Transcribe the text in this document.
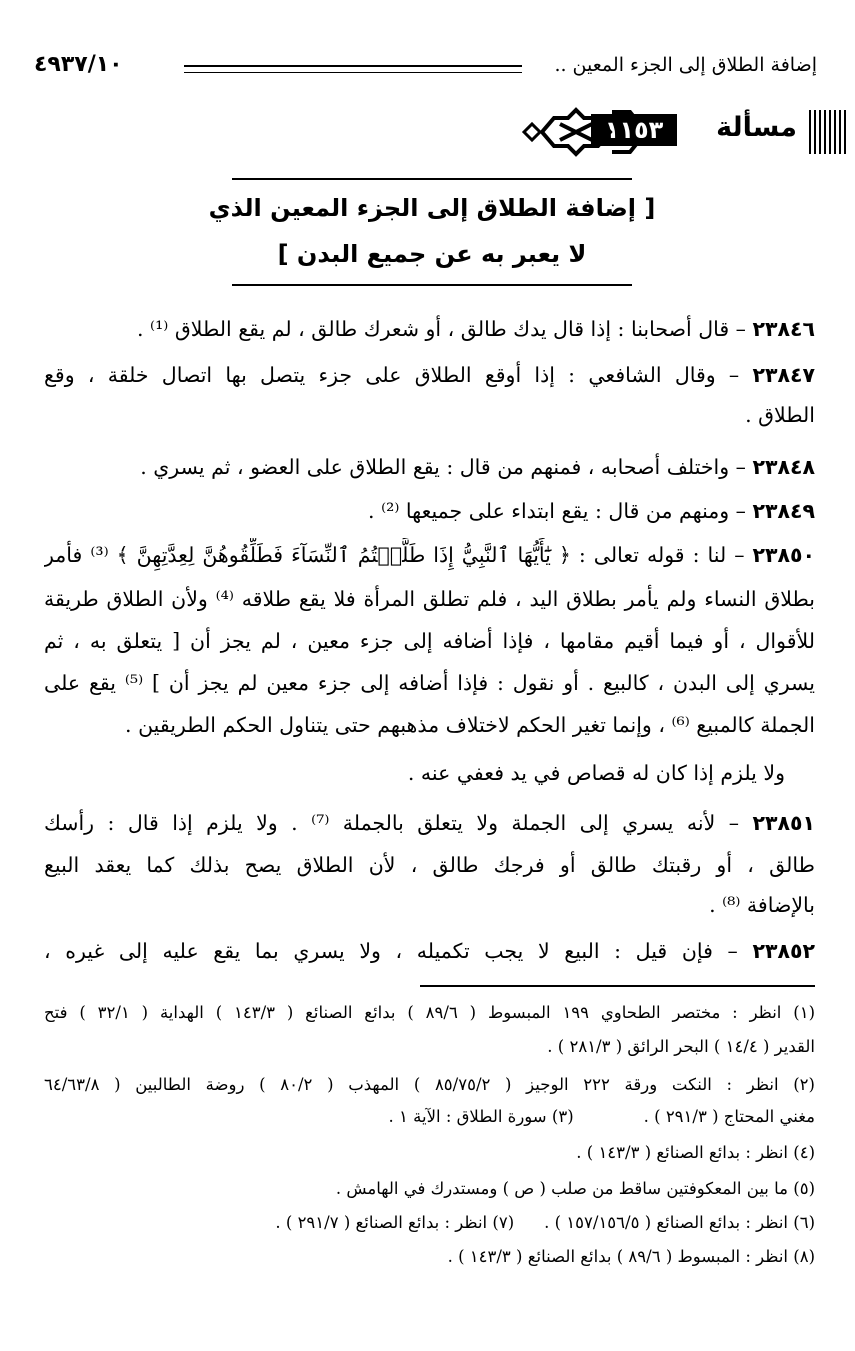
إضافة الطلاق إلى الجزء المعين ..
٤٩٣٧/١٠
مسألة
١١٥٣
[ إضافة الطلاق إلى الجزء المعين الذي
لا يعبر به عن جميع البدن ]
٢٣٨٤٦ – قال أصحابنا : إذا قال يدك طالق ، أو شعرك طالق ، لم يقع الطلاق ⁽¹⁾ .
٢٣٨٤٧ – وقال الشافعي : إذا أوقع الطلاق على جزء يتصل بها اتصال خلقة ، وقع
الطلاق .
٢٣٨٤٨ – واختلف أصحابه ، فمنهم من قال : يقع الطلاق على العضو ، ثم يسري .
٢٣٨٤٩ – ومنهم من قال : يقع ابتداء على جميعها ⁽²⁾ .
٢٣٨٥٠ – لنا : قوله تعالى : ﴿ يَٰٓأَيُّهَا ٱلنَّبِيُّ إِذَا طَلَّقۡتُمُ ٱلنِّسَآءَ فَطَلِّقُوهُنَّ لِعِدَّتِهِنَّ ﴾ ⁽³⁾ فأمر
بطلاق النساء ولم يأمر بطلاق اليد ، فلم تطلق المرأة فلا يقع طلاقه ⁽⁴⁾ ولأن الطلاق طريقة
للأقوال ، أو فيما أقيم مقامها ، فإذا أضافه إلى جزء معين ، لم يجز أن [ يتعلق به ، ثم
يسري إلى البدن ، كالبيع . أو نقول : فإذا أضافه إلى جزء معين لم يجز أن ] ⁽⁵⁾ يقع على
الجملة كالمبيع ⁽⁶⁾ ، وإنما تغير الحكم لاختلاف مذهبهم حتى يتناول الحكم الطريقين .
ولا يلزم إذا كان له قصاص في يد فعفي عنه .
٢٣٨٥١ – لأنه يسري إلى الجملة ولا يتعلق بالجملة ⁽⁷⁾ . ولا يلزم إذا قال : رأسك
طالق ، أو رقبتك طالق أو فرجك طالق ، لأن الطلاق يصح بذلك كما يعقد البيع
بالإضافة ⁽⁸⁾ .
٢٣٨٥٢ – فإن قيل : البيع لا يجب تكميله ، ولا يسري بما يقع عليه إلى غيره ،
(١) انظر : مختصر الطحاوي ١٩٩ المبسوط ( ٨٩/٦ ) بدائع الصنائع ( ١٤٣/٣ ) الهداية ( ٣٢/١ ) فتح
القدير ( ١٤/٤ ) البحر الرائق ( ٢٨١/٣ ) .
(٢) انظر : النكت ورقة ٢٢٢ الوجيز ( ٨٥/٧٥/٢ ) المهذب ( ٨٠/٢ ) روضة الطالبين ( ٦٤/٦٣/٨
مغني المحتاج ( ٢٩١/٣ ) .(٣) سورة الطلاق : الآية ١ .
(٤) انظر : بدائع الصنائع ( ١٤٣/٣ ) .
(٥) ما بين المعكوفتين ساقط من صلب ( ص ) ومستدرك في الهامش .
(٦) انظر : بدائع الصنائع ( ١٥٧/١٥٦/٥ ) .(٧) انظر : بدائع الصنائع ( ٢٩١/٧ ) .
(٨) انظر : المبسوط ( ٨٩/٦ ) بدائع الصنائع ( ١٤٣/٣ ) .
